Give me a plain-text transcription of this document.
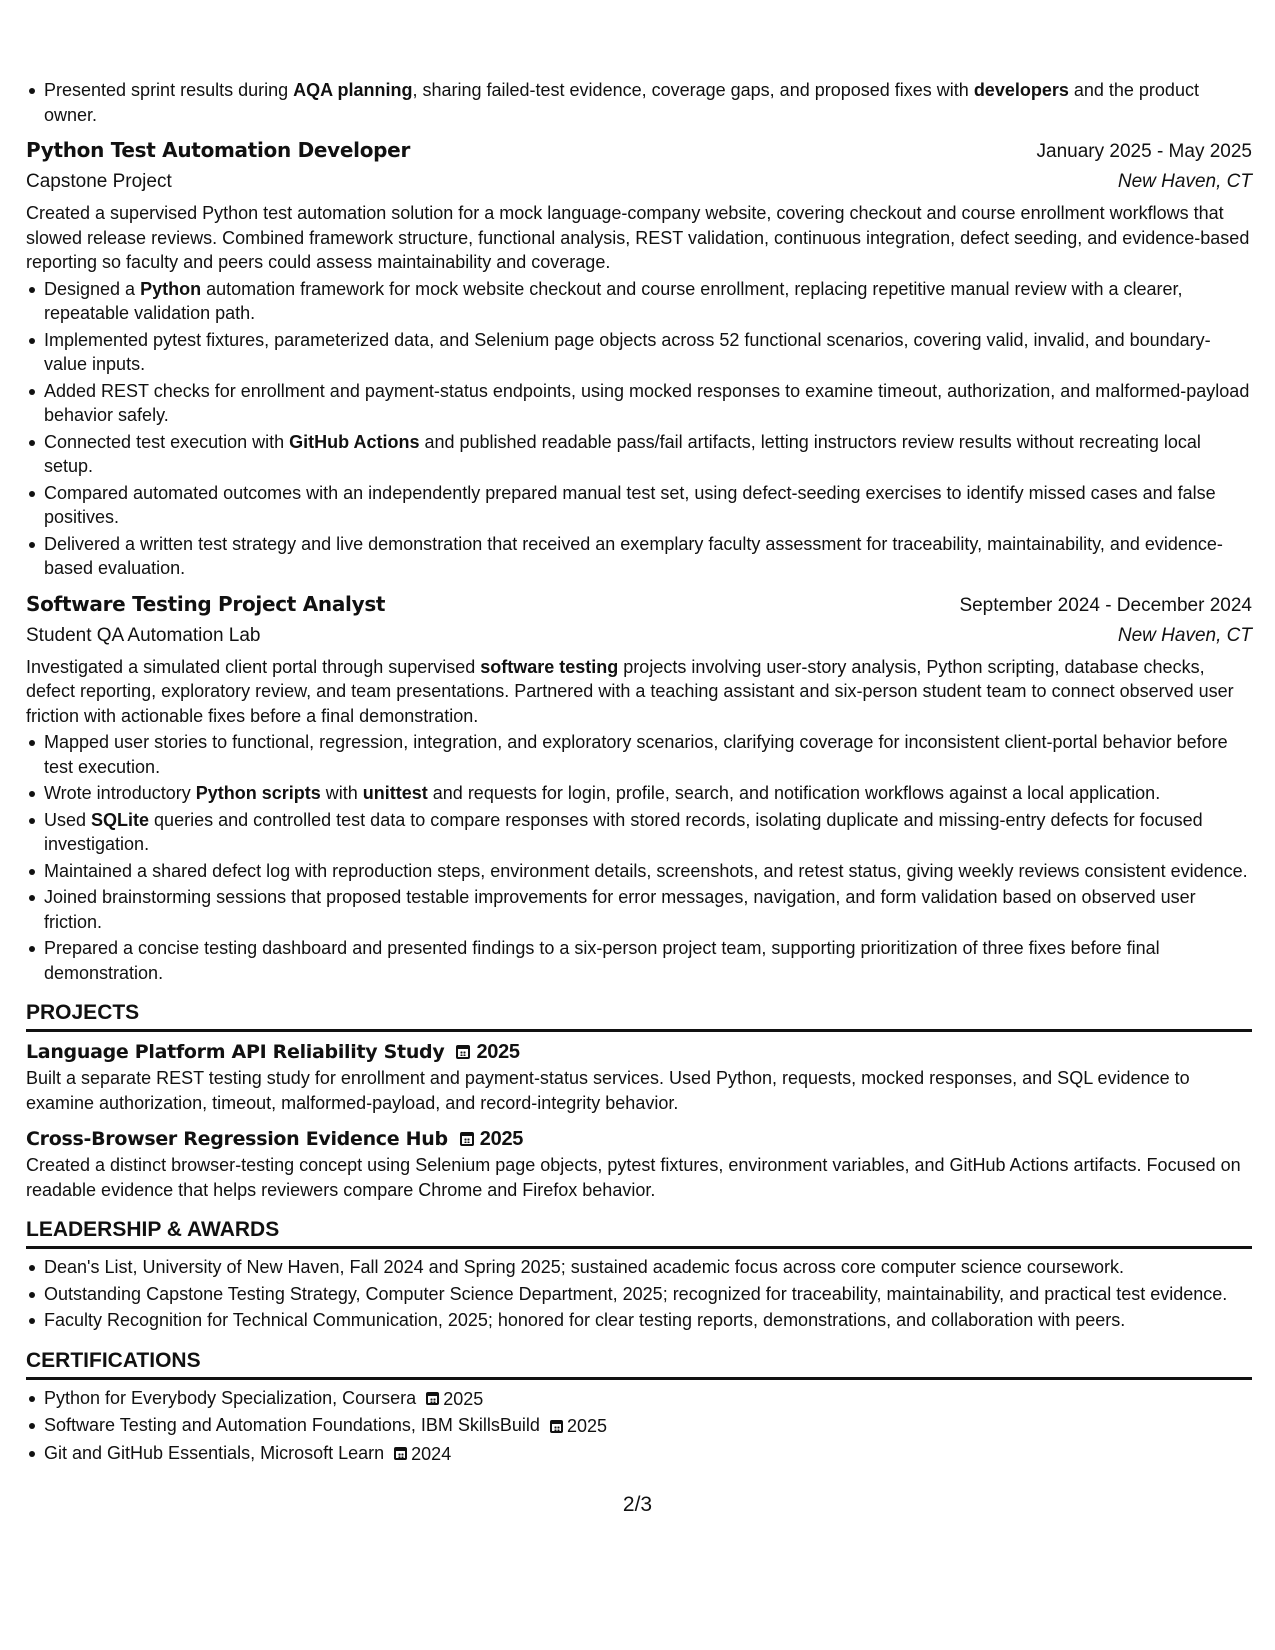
Presented sprint results during AQA planning, sharing failed-test evidence, coverage gaps, and proposed fixes with developers and the product owner.
Python Test Automation Developer	January 2025 - May 2025
Capstone Project	New Haven, CT

Created a supervised Python test automation solution for a mock language-company website, covering checkout and course enrollment workflows that slowed release reviews. Combined framework structure, functional analysis, REST validation, continuous integration, defect seeding, and evidence-based reporting so faculty and peers could assess maintainability and coverage.

Designed a Python automation framework for mock website checkout and course enrollment, replacing repetitive manual review with a clearer, repeatable validation path.
Implemented pytest fixtures, parameterized data, and Selenium page objects across 52 functional scenarios, covering valid, invalid, and boundary-value inputs.
Added REST checks for enrollment and payment-status endpoints, using mocked responses to examine timeout, authorization, and malformed-payload behavior safely.
Connected test execution with GitHub Actions and published readable pass/fail artifacts, letting instructors review results without recreating local setup.
Compared automated outcomes with an independently prepared manual test set, using defect-seeding exercises to identify missed cases and false positives.
Delivered a written test strategy and live demonstration that received an exemplary faculty assessment for traceability, maintainability, and evidence-based evaluation.
Software Testing Project Analyst	September 2024 - December 2024
Student QA Automation Lab	New Haven, CT

Investigated a simulated client portal through supervised software testing projects involving user-story analysis, Python scripting, database checks, defect reporting, exploratory review, and team presentations. Partnered with a teaching assistant and six-person student team to connect observed user friction with actionable fixes before a final demonstration.

Mapped user stories to functional, regression, integration, and exploratory scenarios, clarifying coverage for inconsistent client-portal behavior before test execution.
Wrote introductory Python scripts with unittest and requests for login, profile, search, and notification workflows against a local application.
Used SQLite queries and controlled test data to compare responses with stored records, isolating duplicate and missing-entry defects for focused investigation.
Maintained a shared defect log with reproduction steps, environment details, screenshots, and retest status, giving weekly reviews consistent evidence.
Joined brainstorming sessions that proposed testable improvements for error messages, navigation, and form validation based on observed user friction.
Prepared a concise testing dashboard and presented findings to a six-person project team, supporting prioritization of three fixes before final demonstration.
PROJECTS
Language Platform API Reliability Study 2025
Built a separate REST testing study for enrollment and payment-status services. Used Python, requests, mocked responses, and SQL evidence to examine authorization, timeout, malformed-payload, and record-integrity behavior.
Cross-Browser Regression Evidence Hub 2025
Created a distinct browser-testing concept using Selenium page objects, pytest fixtures, environment variables, and GitHub Actions artifacts. Focused on readable evidence that helps reviewers compare Chrome and Firefox behavior.
LEADERSHIP & AWARDS
Dean's List, University of New Haven, Fall 2024 and Spring 2025; sustained academic focus across core computer science coursework.
Outstanding Capstone Testing Strategy, Computer Science Department, 2025; recognized for traceability, maintainability, and practical test evidence.
Faculty Recognition for Technical Communication, 2025; honored for clear testing reports, demonstrations, and collaboration with peers.
CERTIFICATIONS
Python for Everybody Specialization, Coursera 2025
Software Testing and Automation Foundations, IBM SkillsBuild 2025
Git and GitHub Essentials, Microsoft Learn 2024
2/3
